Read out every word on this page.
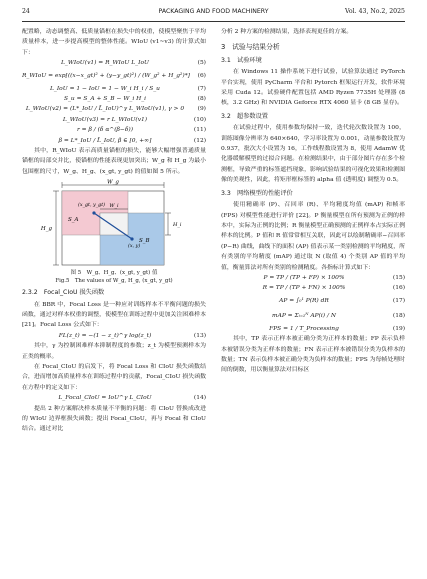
24	PACKAGING AND FOOD MACHINERY	Vol. 43, No.2, 2025
配置略，动态调整高、低质量锚框在损失中的权重，使模型聚焦于平均质量样本，进一步提高模型的整体性能。WIoU (v1~v3) 的计算式如下：
L_WIoU(v1) = R_WIoU L_IoU	(5)
R_WIoU = exp[((x−x_gt)² + (y−y_gt)²) / (W_g² + H_g²)*]	(6)
L_IoU = 1 − IoU = 1 − W_i H_i / S_u	(7)
S_u = S_A + S_B − W_i H_i	(8)
L_WIoU(v2) = (L*_IoU / L̄_IoU)^γ L_WIoU(v1), γ > 0	(9)
L_WIoU(v3) = r L_WIoU(v1)	(10)
r = β / (δ α^(β−δ))	(11)
β = L*_IoU / L̄_IoU, β ∈ [0, +∞]	(12)
其中，R_WIoU 表示高质量锚框的损失，能够大幅增强普通质量锚框的局部交并比，使锚框的性能表现更加突出；W_g 和 H_g 为最小包围框的尺寸，W_g、H_g、(x_gt, y_gt) 的值如图 5 所示。
W_g
H_g
W_i
H_i
S_A
S_B
(x_gt, y_gt)
(x, y)
图 5　W_g、H_g、(x_gt, y_gt) 值
Fig.5　The values of W_g, H_g, (x_gt, y_gt)
2.3.2　Focal_CIoU 损失函数
在 BBR 中，Focal Loss 是一种应对训练样本不平衡问题的损失函数，通过对样本权重的调整，使模型在训练过程中更加关注困难样本 [21]。Focal Loss 公式如下：
FL(z_t) = −(1 − z_t)^γ log(z_t)	(13)
其中，γ 为控制困难样本抑制程度的参数；z_t 为模型预测样本为正类的概率。
在 Focal_CIoU 的启发下，将 Focal Loss 和 CIoU 损失函数结合，进而增加高质量样本在训练过程中的贡献，Focal_CIoU 损失函数在方程中的定义如下：
L_Focal_CIoU = IoU^γ L_CIoU	(14)
提出 2 种方案解决样本质量不平衡的问题：将 CIoU 替换成改进的 WIoU 边界框损失函数；提出 Focal_CIoU，再与 Focal 和 CIoU 结合。通过对比
分析 2 种方案的检测结果，选择表现更佳的方案。
3　试验与结果分析
3.1　试验环境
在 Windows 11 操作系统下进行试验，试验算法通过 PyTorch 平台实现，使用 PyCharm 平台和 Pytorch 框架运行开发，软件环境采用 Cuda 12。试验硬件配置包括 AMD Ryzen 7735H 处理器 (8 核，3.2 GHz) 和 NVIDIA Geforce RTX 4060 显卡 (8 GB 显存)。
3.2　超参数设置
在试验过程中，使用参数均保持一致，迭代轮次数设置为 100，训练图像分辨率为 640×640，学习率设置为 0.001，动量参数设置为 0.937，批次大小设置为 16，工作线程数设置为 8，使用 AdamW 优化器缓解模型的过拟合问题。在检测结果中，由于部分图片存在多个检测框，导致严重的标签遮挡现象，影响试验结果的可视化效果和检测图像的美观性，因此，将矩形框标签的 alpha 值 (透明度) 调整为 0.5。
3.3　网络模型的性能评价
使用精确率 (P)、召回率 (R)、平均精度均值 (mAP) 和帧率 (FPS) 对模型性能进行评价 [22]。P 衡量模型在所有预测为正例的样本中，实际为正例的比例；R 衡量模型正确预测的正例样本占实际正例样本的比例。P 值和 R 值常常相互关联，因此可以绘制精确率−召回率 (P−R) 曲线，曲线下的面积 (AP) 值表示某一类别检测的平均精度，所有类别的平均精度 (mAP) 通过取 N (取值 4) 个类别 AP 值的平均值，衡量算法对所有类别的检测精度。各指标计算式如下：
P = TP / (TP + FP) × 100%	(15)
R = TP / (TP + FN) × 100%	(16)
AP = ∫₀¹ P(R) dR	(17)
mAP = Σᵢ₌₁ᴺ AP(i) / N	(18)
FPS = 1 / T_Processing	(19)
其中，TP 表示正样本被正确分类为正样本的数量；FP 表示负样本被错误分类为正样本的数量；FN 表示正样本被错误分类为负样本的数量；TN 表示负样本被正确分类为负样本的数量；FPS 为每帧处理时间的倒数，用以衡量算法对目标区
